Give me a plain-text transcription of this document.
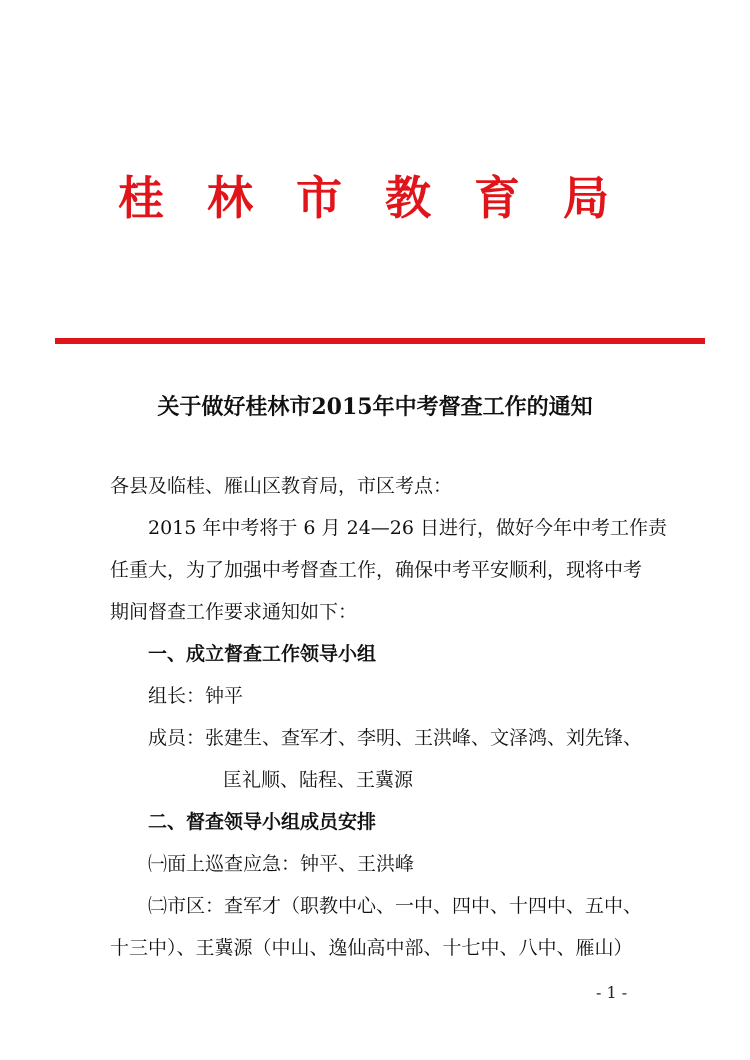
桂林市教育局
关于做好桂林市2015年中考督查工作的通知
各县及临桂、雁山区教育局，市区考点：
2015 年中考将于 6 月 24—26 日进行，做好今年中考工作责
任重大，为了加强中考督查工作，确保中考平安顺利，现将中考
期间督查工作要求通知如下：
一、成立督查工作领导小组
组长：钟平
成员：张建生、查军才、李明、王洪峰、文泽鸿、刘先锋、
匡礼顺、陆程、王冀源
二、督查领导小组成员安排
㈠面上巡查应急：钟平、王洪峰
㈡市区：查军才（职教中心、一中、四中、十四中、五中、
十三中）、王冀源（中山、逸仙高中部、十七中、八中、雁山）
- 1 -
